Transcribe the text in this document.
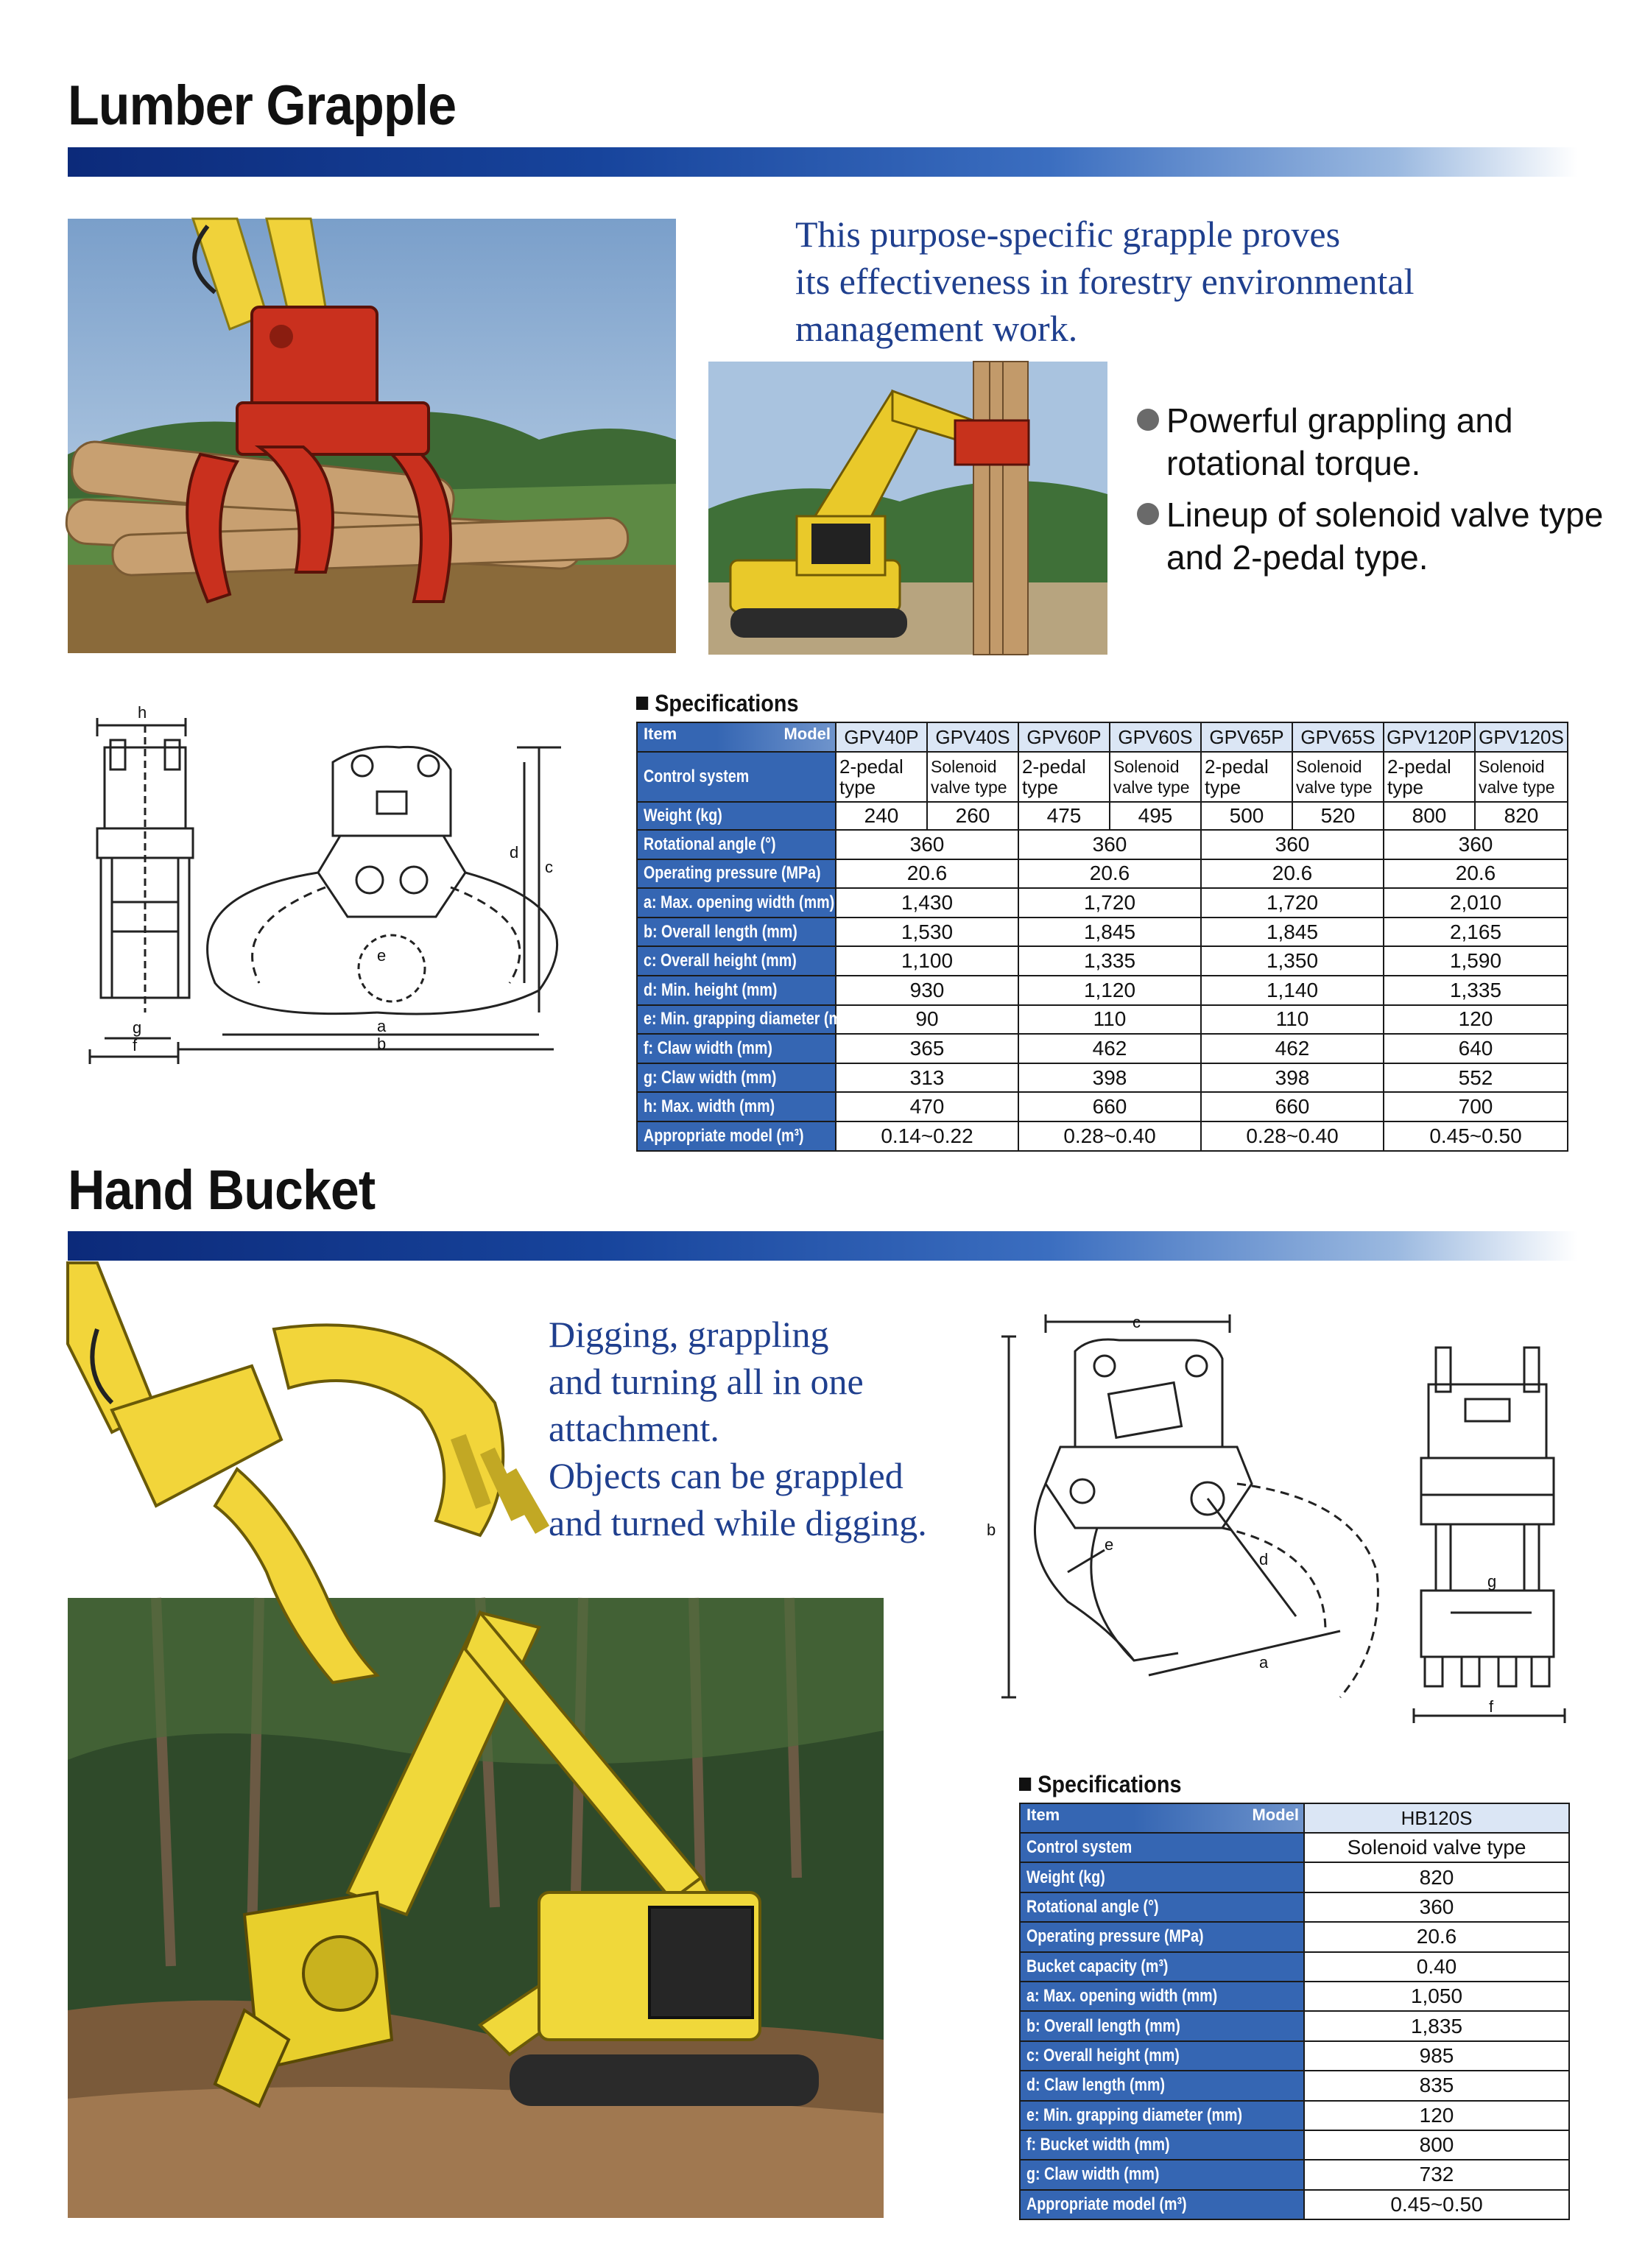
Lumber Grapple
This purpose-specific grapple proves
its effectiveness in forestry environmental
management work.
Powerful grappling and rotational torque.
Lineup of solenoid valve type and 2-pedal type.
h
g
f
a
b
c
d
e
Specifications
Item Model	GPV40P	GPV40S	GPV60P	GPV60S	GPV65P	GPV65S	GPV120P	GPV120S
Control system	2-pedal type	Solenoid valve type	2-pedal type	Solenoid valve type	2-pedal type	Solenoid valve type	2-pedal type	Solenoid valve type
Weight (kg)	240	260	475	495	500	520	800	820
Rotational angle (°)	360		360		360		360	
Operating pressure (MPa)	20.6		20.6		20.6		20.6	
a: Max. opening width (mm)	1,430		1,720		1,720		2,010	
b: Overall length (mm)	1,530		1,845		1,845		2,165	
c: Overall height (mm)	1,100		1,335		1,350		1,590	
d: Min. height (mm)	930		1,120		1,140		1,335	
e: Min. grapping diameter (mm)	90		110		110		120	
f: Claw width (mm)	365		462		462		640	
g: Claw width (mm)	313		398		398		552	
h: Max. width (mm)	470		660		660		700	
Appropriate model (m³)	0.14~0.22		0.28~0.40		0.28~0.40		0.45~0.50	
Hand Bucket
Digging, grappling
and turning all in one
attachment.
Objects can be grappled
and turned while digging.
c
b
d
e
a
g
f
Specifications
Item Model	HB120S
Control system	Solenoid valve type
Weight (kg)	820
Rotational angle (°)	360
Operating pressure (MPa)	20.6
Bucket capacity (m³)	0.40
a: Max. opening width (mm)	1,050
b: Overall length (mm)	1,835
c: Overall height (mm)	985
d: Claw length (mm)	835
e: Min. grapping diameter (mm)	120
f: Bucket width (mm)	800
g: Claw width (mm)	732
Appropriate model (m³)	0.45~0.50
